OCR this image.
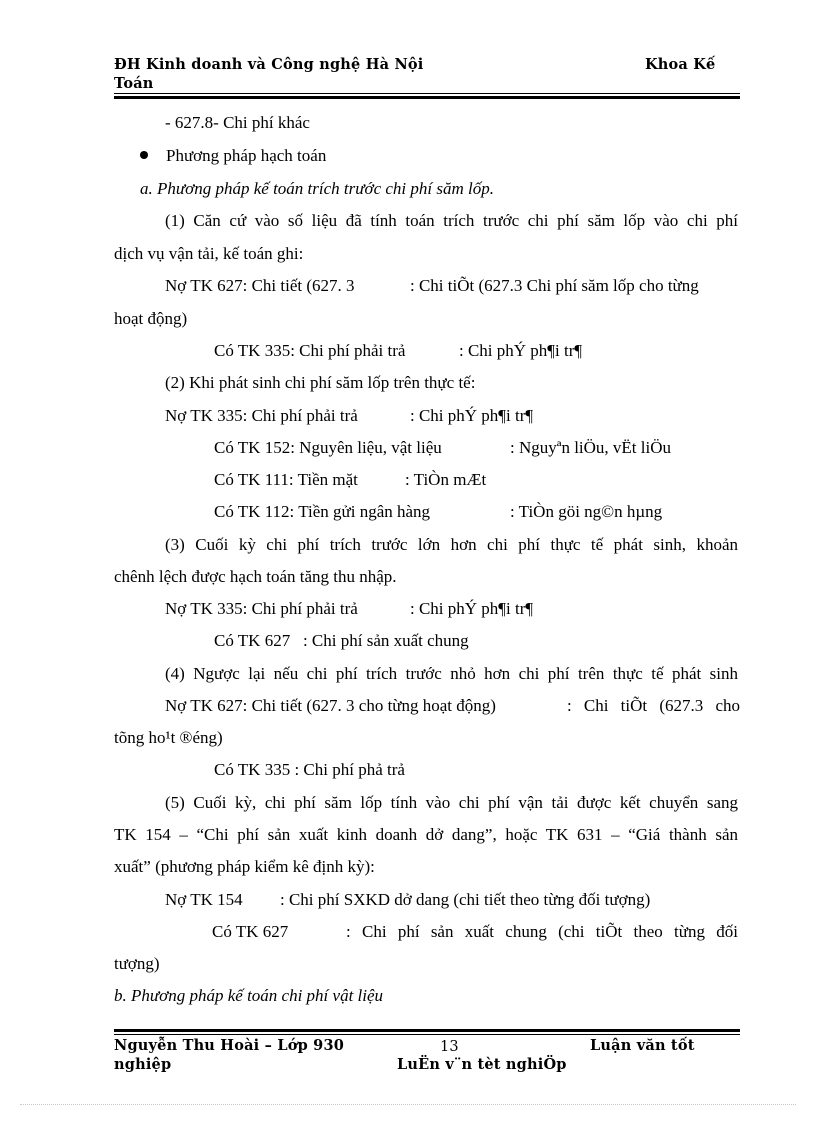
ĐH Kinh doanh và Công nghệ Hà Nội	Khoa Kế
Toán
- 627.8- Chi phí khác
Phương pháp hạch toán
a. Phương pháp kế toán trích trước chi phí săm lốp.
(1) Căn cứ vào số liệu đã tính toán trích trước chi phí săm lốp vào chi phí
dịch vụ vận tải, kế toán ghi:
Nợ TK 627: Chi tiết (627. 3	: Chi tiÕt (627.3 Chi phí săm lốp cho từng
hoạt động)
Có TK 335: Chi phí phải trả	: Chi phÝ ph¶i tr¶
(2) Khi phát sinh chi phí săm lốp trên thực tế:
Nợ TK 335: Chi phí phải trả	: Chi phÝ ph¶i tr¶
Có TK 152: Nguyên liệu, vật liệu	: Nguyªn liÖu, vËt liÖu
Có TK 111: Tiền mặt	: TiÒn mÆt
Có TK 112: Tiền gửi ngân hàng	: TiÒn göi ng©n hµng
(3) Cuối kỳ chi phí trích trước lớn hơn chi phí thực tế phát sinh, khoản
chênh lệch được hạch toán tăng thu nhập.
Nợ TK 335: Chi phí phải trả	: Chi phÝ ph¶i tr¶
Có TK 627   : Chi phí sản xuất chung
(4) Ngược lại nếu chi phí trích trước nhỏ hơn chi phí trên thực tế phát sinh
Nợ TK 627: Chi tiết (627. 3 cho từng hoạt động)	: Chi tiÕt (627.3 cho
tõng ho¹t ®éng)
Có TK 335 : Chi phí phả trả
(5) Cuối kỳ, chi phí săm lốp tính vào chi phí vận tải được kết chuyển sang
TK 154 – “Chi phí sản xuất kinh doanh dở dang”, hoặc TK 631 – “Giá thành sản
xuất” (phương pháp kiểm kê định kỳ):
Nợ TK 154 : Chi phí SXKD dở dang (chi tiết theo từng đối tượng)
Có TK 627	: Chi phí sản xuất chung (chi tiÕt theo từng đối
tượng)
b. Phương pháp kế toán chi phí vật liệu
Nguyễn Thu Hoài – Lớp 930	13	Luận văn tốt
nghiệp	LuËn v¨n tèt nghiÖp
